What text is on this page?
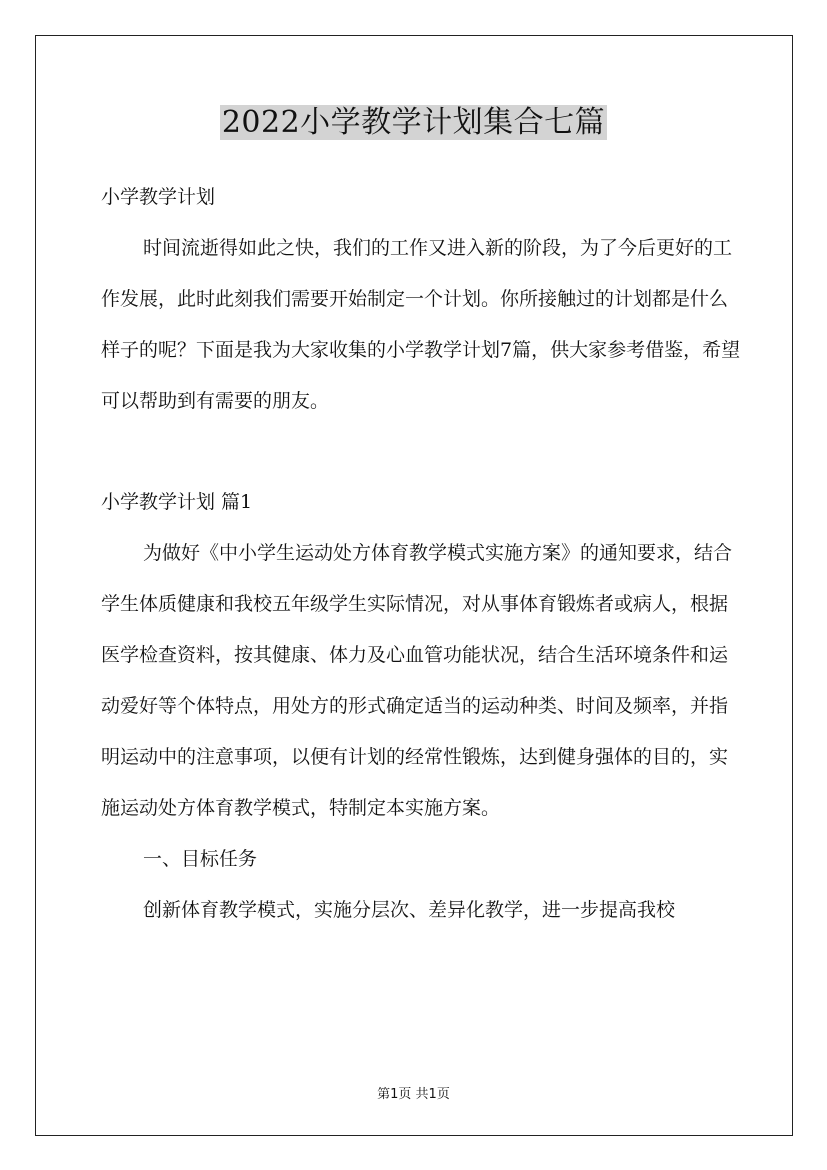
2022小学教学计划集合七篇

小学教学计划

时间流逝得如此之快，我们的工作又进入新的阶段，为了今后更好的工作发展，此时此刻我们需要开始制定一个计划。你所接触过的计划都是什么样子的呢？下面是我为大家收集的小学教学计划7篇，供大家参考借鉴，希望可以帮助到有需要的朋友。

小学教学计划 篇1

为做好《中小学生运动处方体育教学模式实施方案》的通知要求，结合学生体质健康和我校五年级学生实际情况，对从事体育锻炼者或病人，根据医学检查资料，按其健康、体力及心血管功能状况，结合生活环境条件和运动爱好等个体特点，用处方的形式确定适当的运动种类、时间及频率，并指明运动中的注意事项，以便有计划的经常性锻炼，达到健身强体的目的，实施运动处方体育教学模式，特制定本实施方案。

一、目标任务

创新体育教学模式，实施分层次、差异化教学，进一步提高我校

第1页 共1页
